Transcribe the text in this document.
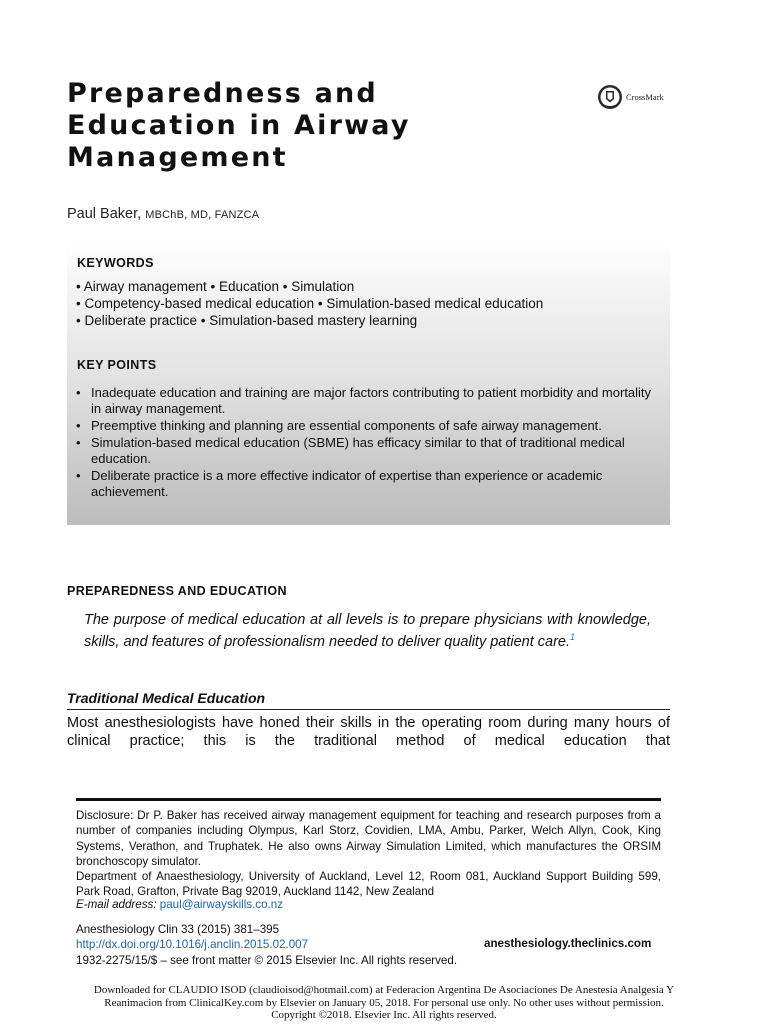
Preparedness and
Education in Airway
Management
CrossMark
Paul Baker, MBChB, MD, FANZCA
KEYWORDS
• Airway management • Education • Simulation
• Competency-based medical education • Simulation-based medical education
• Deliberate practice • Simulation-based mastery learning
KEY POINTS
• Inadequate education and training are major factors contributing to patient morbidity and mortality in airway management.
• Preemptive thinking and planning are essential components of safe airway management.
• Simulation-based medical education (SBME) has efficacy similar to that of traditional medical education.
• Deliberate practice is a more effective indicator of expertise than experience or academic achievement.
PREPAREDNESS AND EDUCATION
The purpose of medical education at all levels is to prepare physicians with knowledge, skills, and features of professionalism needed to deliver quality patient care.$^1$
Traditional Medical Education
Most anesthesiologists have honed their skills in the operating room during many hours of clinical practice; this is the traditional method of medical education that
Disclosure: Dr P. Baker has received airway management equipment for teaching and research purposes from a number of companies including Olympus, Karl Storz, Covidien, LMA, Ambu, Parker, Welch Allyn, Cook, King Systems, Verathon, and Truphatek. He also owns Airway Simulation Limited, which manufactures the ORSIM bronchoscopy simulator.
Department of Anaesthesiology, University of Auckland, Level 12, Room 081, Auckland Support Building 599, Park Road, Grafton, Private Bag 92019, Auckland 1142, New Zealand
E-mail address: paul@airwayskills.co.nz
Anesthesiology Clin 33 (2015) 381–395
http://dx.doi.org/10.1016/j.anclin.2015.02.007
1932-2275/15/$ – see front matter © 2015 Elsevier Inc. All rights reserved.
anesthesiology.theclinics.com
Downloaded for CLAUDIO ISOD (claudioisod@hotmail.com) at Federacion Argentina De Asociaciones De Anestesia Analgesia Y
Reanimacion from ClinicalKey.com by Elsevier on January 05, 2018. For personal use only. No other uses without permission.
Copyright ©2018. Elsevier Inc. All rights reserved.
